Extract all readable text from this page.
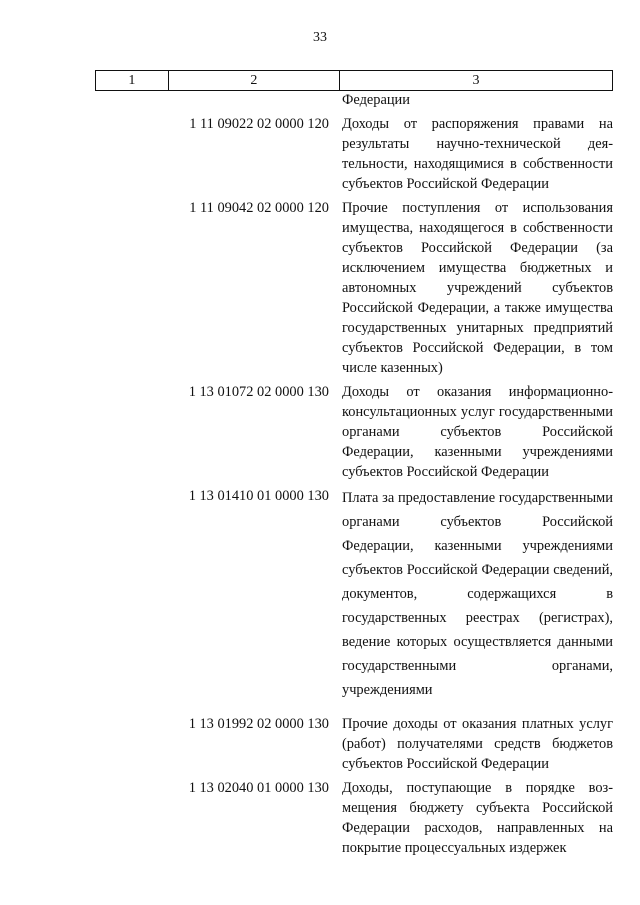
33
1	2	3
Федерации
1 11 09022 02 0000 120 Доходы от распоряжения правами на результаты научно-технической деятельности, находящимися в собственности субъектов Российской Федерации
1 11 09042 02 0000 120 Прочие поступления от использования имущества, находящегося в собственности субъектов Российской Федерации (за исключением имущества бюджетных и автономных учреждений субъектов Российской Федерации, а также имущества государственных унитарных предприятий субъектов Российской Федерации, в том числе казенных)
1 13 01072 02 0000 130 Доходы от оказания информационно-консультационных услуг государственными органами субъектов Российской Федерации, казенными учреждениями субъектов Российской Федерации
1 13 01410 01 0000 130 Плата за предоставление государственными органами субъектов Российской Федерации, казенными учреждениями субъектов Российской Федерации сведений, документов, содержащихся в государственных реестрах (регистрах), ведение которых осуществляется данными государственными органами, учреждениями
1 13 01992 02 0000 130 Прочие доходы от оказания платных услуг (работ) получателями средств бюджетов субъектов Российской Федерации
1 13 02040 01 0000 130 Доходы, поступающие в порядке возмещения бюджету субъекта Российской Федерации расходов, направленных на покрытие процессуальных издержек
